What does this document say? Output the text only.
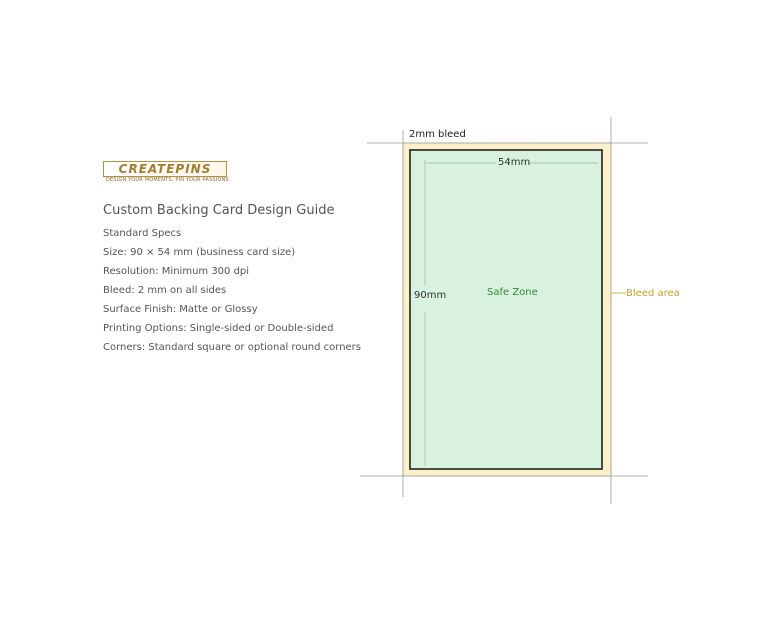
CREATEPINS
DESIGN YOUR MOMENTS, PIN YOUR PASSIONS
Custom Backing Card Design Guide
Standard Specs
Size: 90 × 54 mm (business card size)
Resolution: Minimum 300 dpi
Bleed: 2 mm on all sides
Surface Finish: Matte or Glossy
Printing Options: Single-sided or Double-sided
Corners: Standard square or optional round corners
2mm bleed
54mm
90mm	Safe Zone	Bleed area
